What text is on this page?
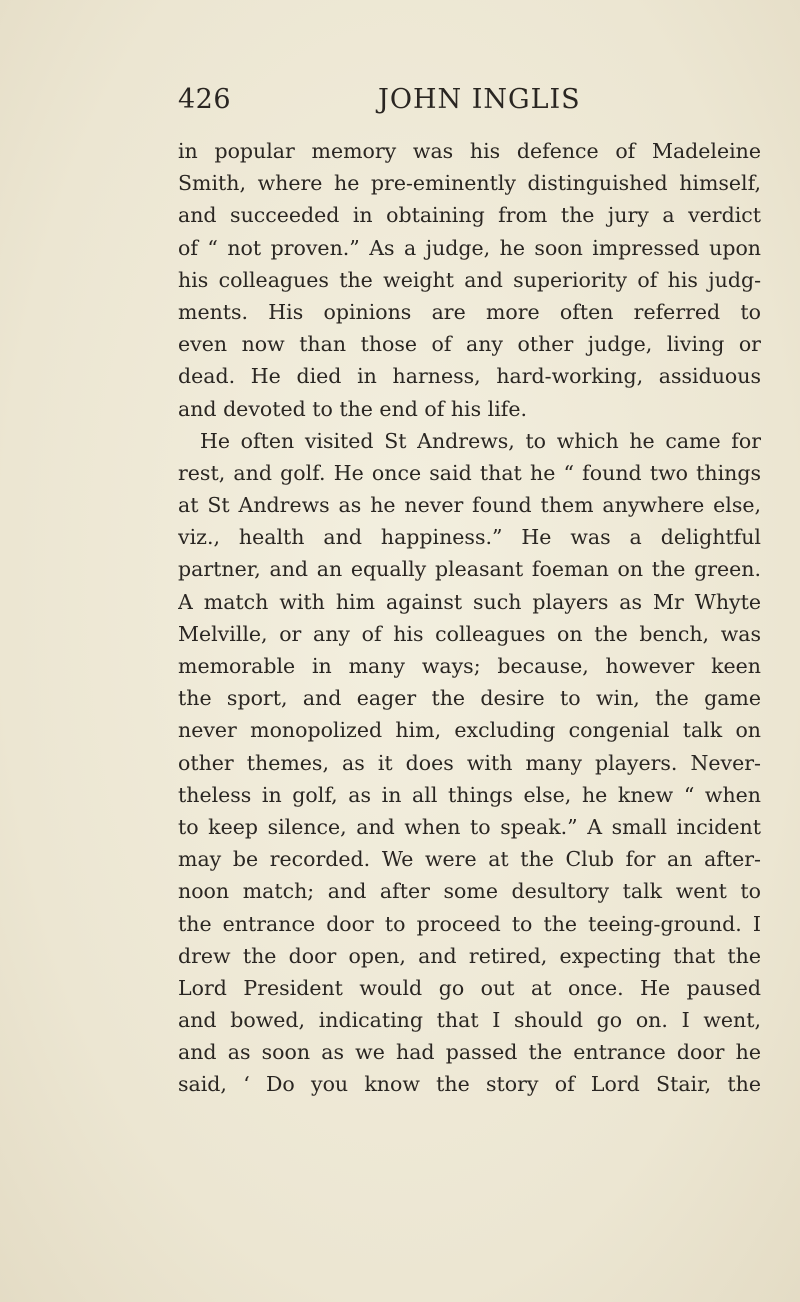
426	JOHN INGLIS
in popular memory was his defence of Madeleine
Smith, where he pre-eminently distinguished himself,
and succeeded in obtaining from the jury a verdict
of “ not proven.” As a judge, he soon impressed upon
his colleagues the weight and superiority of his judg-
ments. His opinions are more often referred to
even now than those of any other judge, living or
dead. He died in harness, hard-working, assiduous
and devoted to the end of his life.
He often visited St Andrews, to which he came for
rest, and golf. He once said that he “ found two things
at St Andrews as he never found them anywhere else,
viz., health and happiness.” He was a delightful
partner, and an equally pleasant foeman on the green.
A match with him against such players as Mr Whyte
Melville, or any of his colleagues on the bench, was
memorable in many ways; because, however keen
the sport, and eager the desire to win, the game
never monopolized him, excluding congenial talk on
other themes, as it does with many players. Never-
theless in golf, as in all things else, he knew “ when
to keep silence, and when to speak.” A small incident
may be recorded. We were at the Club for an after-
noon match; and after some desultory talk went to
the entrance door to proceed to the teeing-ground. I
drew the door open, and retired, expecting that the
Lord President would go out at once. He paused
and bowed, indicating that I should go on. I went,
and as soon as we had passed the entrance door he
said, ‘ Do you know the story of Lord Stair, the
